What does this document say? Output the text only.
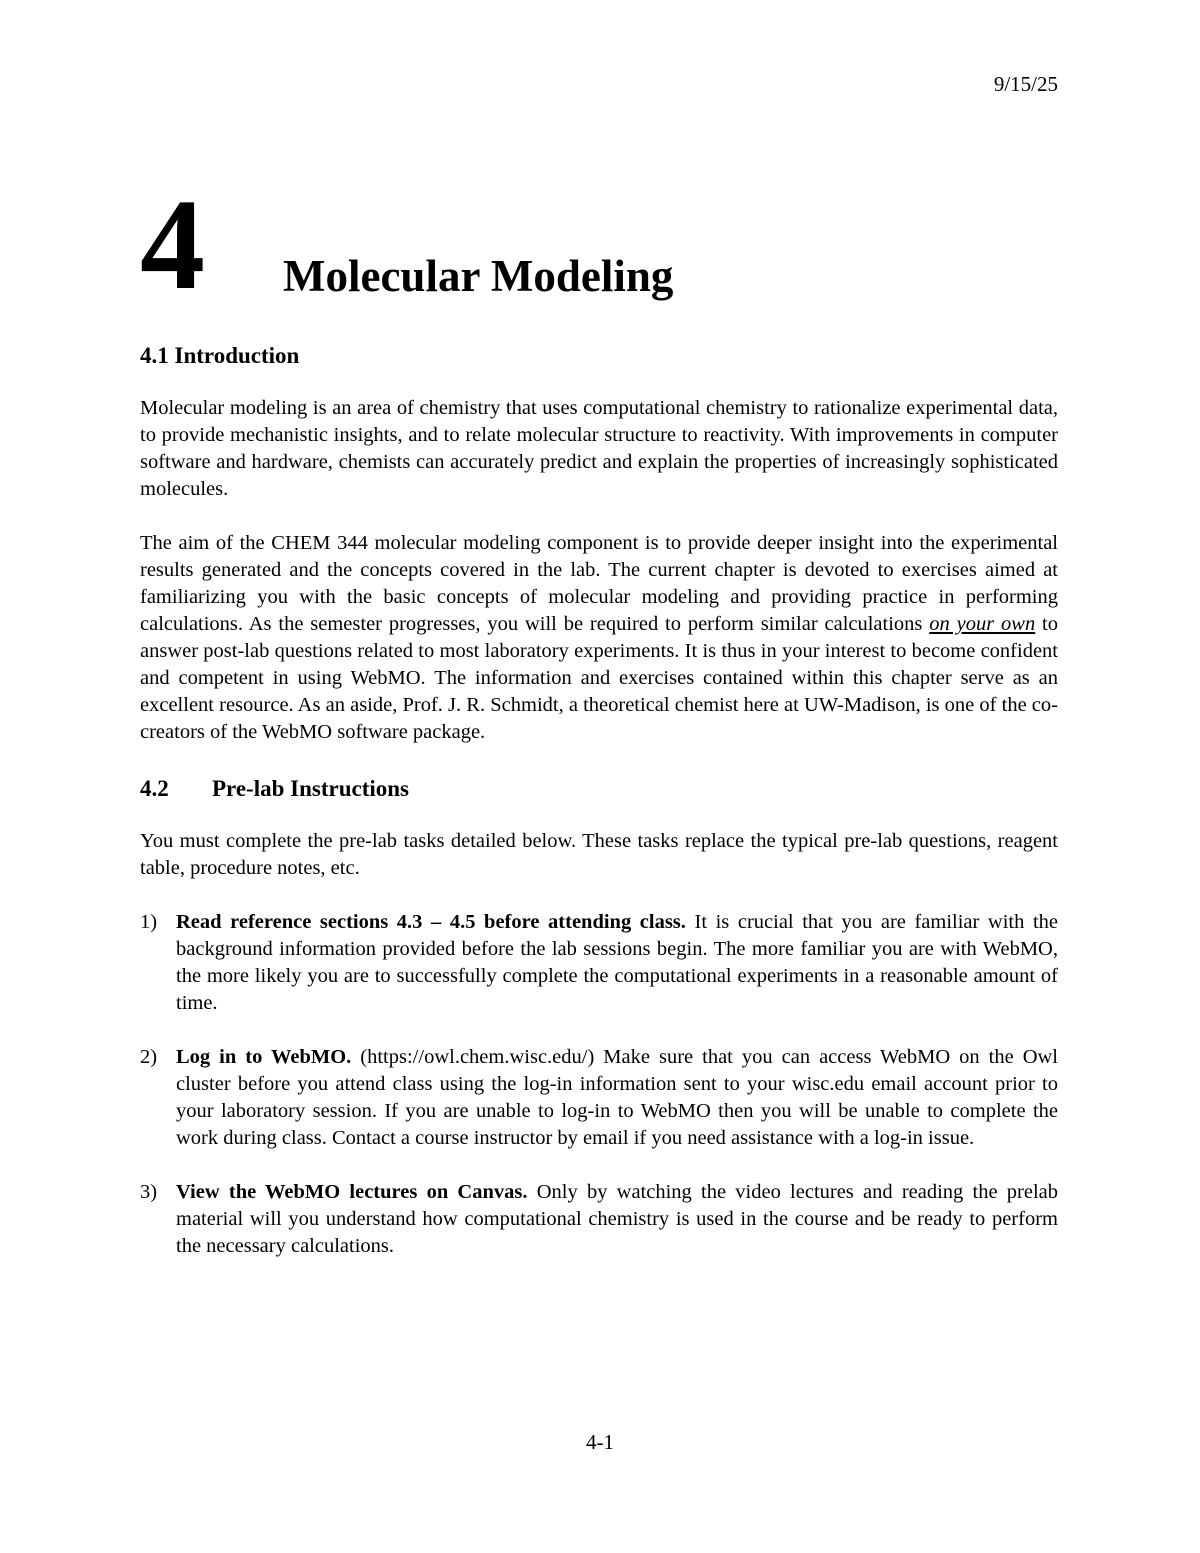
9/15/25
4 Molecular Modeling
4.1 Introduction

Molecular modeling is an area of chemistry that uses computational chemistry to rationalize experimental data, to provide mechanistic insights, and to relate molecular structure to reactivity. With improvements in computer software and hardware, chemists can accurately predict and explain the properties of increasingly sophisticated molecules.

The aim of the CHEM 344 molecular modeling component is to provide deeper insight into the experimental results generated and the concepts covered in the lab. The current chapter is devoted to exercises aimed at familiarizing you with the basic concepts of molecular modeling and providing practice in performing calculations. As the semester progresses, you will be required to perform similar calculations on your own to answer post-lab questions related to most laboratory experiments. It is thus in your interest to become confident and competent in using WebMO. The information and exercises contained within this chapter serve as an excellent resource. As an aside, Prof. J. R. Schmidt, a theoretical chemist here at UW-Madison, is one of the co-creators of the WebMO software package.

4.2 Pre-lab Instructions

You must complete the pre-lab tasks detailed below. These tasks replace the typical pre-lab questions, reagent table, procedure notes, etc.

1) Read reference sections 4.3 – 4.5 before attending class. It is crucial that you are familiar with the background information provided before the lab sessions begin. The more familiar you are with WebMO, the more likely you are to successfully complete the computational experiments in a reasonable amount of time.
2) Log in to WebMO. (https://owl.chem.wisc.edu/) Make sure that you can access WebMO on the Owl cluster before you attend class using the log-in information sent to your wisc.edu email account prior to your laboratory session. If you are unable to log-in to WebMO then you will be unable to complete the work during class. Contact a course instructor by email if you need assistance with a log-in issue.
3) View the WebMO lectures on Canvas. Only by watching the video lectures and reading the prelab material will you understand how computational chemistry is used in the course and be ready to perform the necessary calculations.
4-1
